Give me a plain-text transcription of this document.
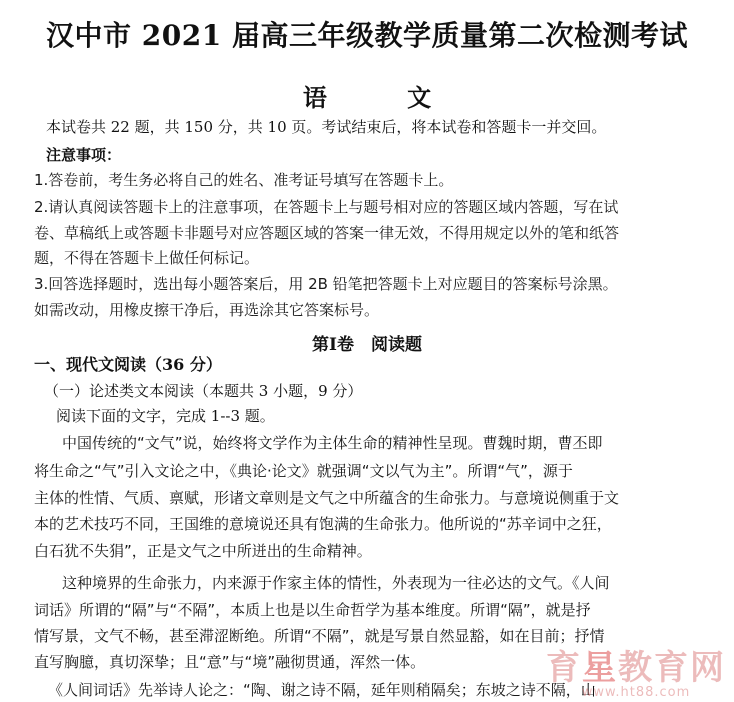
汉中市 2021 届高三年级教学质量第二次检测考试
语 文
本试卷共 22 题，共 150 分，共 10 页。考试结束后，将本试卷和答题卡一并交回。
注意事项：
1.答卷前，考生务必将自己的姓名、准考证号填写在答题卡上。
2.请认真阅读答题卡上的注意事项，在答题卡上与题号相对应的答题区域内答题，写在试
卷、草稿纸上或答题卡非题号对应答题区域的答案一律无效，不得用规定以外的笔和纸答
题，不得在答题卡上做任何标记。
3.回答选择题时，选出每小题答案后，用 2B 铅笔把答题卡上对应题目的答案标号涂黑。
如需改动，用橡皮擦干净后，再选涂其它答案标号。
第Ⅰ卷　阅读题
一、现代文阅读（36 分）
（一）论述类文本阅读（本题共 3 小题，9 分）
阅读下面的文字，完成 1--3 题。
中国传统的“文气”说，始终将文学作为主体生命的精神性呈现。曹魏时期，曹丕即
将生命之“气”引入文论之中，《典论·论文》就强调“文以气为主”。所谓“气”，源于
主体的性情、气质、禀赋，形诸文章则是文气之中所蕴含的生命张力。与意境说侧重于文
本的艺术技巧不同，王国维的意境说还具有饱满的生命张力。他所说的“苏辛词中之狂，
白石犹不失狷”，正是文气之中所迸出的生命精神。
这种境界的生命张力，内来源于作家主体的情性，外表现为一往必达的文气。《人间
词话》所谓的“隔”与“不隔”，本质上也是以生命哲学为基本维度。所谓“隔”，就是抒
情写景，文气不畅，甚至滞涩断绝。所谓“不隔”，就是写景自然显豁，如在目前；抒情
直写胸臆，真切深挚；且“意”与“境”融彻贯通，浑然一体。
《人间词话》先举诗人论之：“陶、谢之诗不隔，延年则稍隔矣；东坡之诗不隔，山
育星教育网
www.ht88.com
